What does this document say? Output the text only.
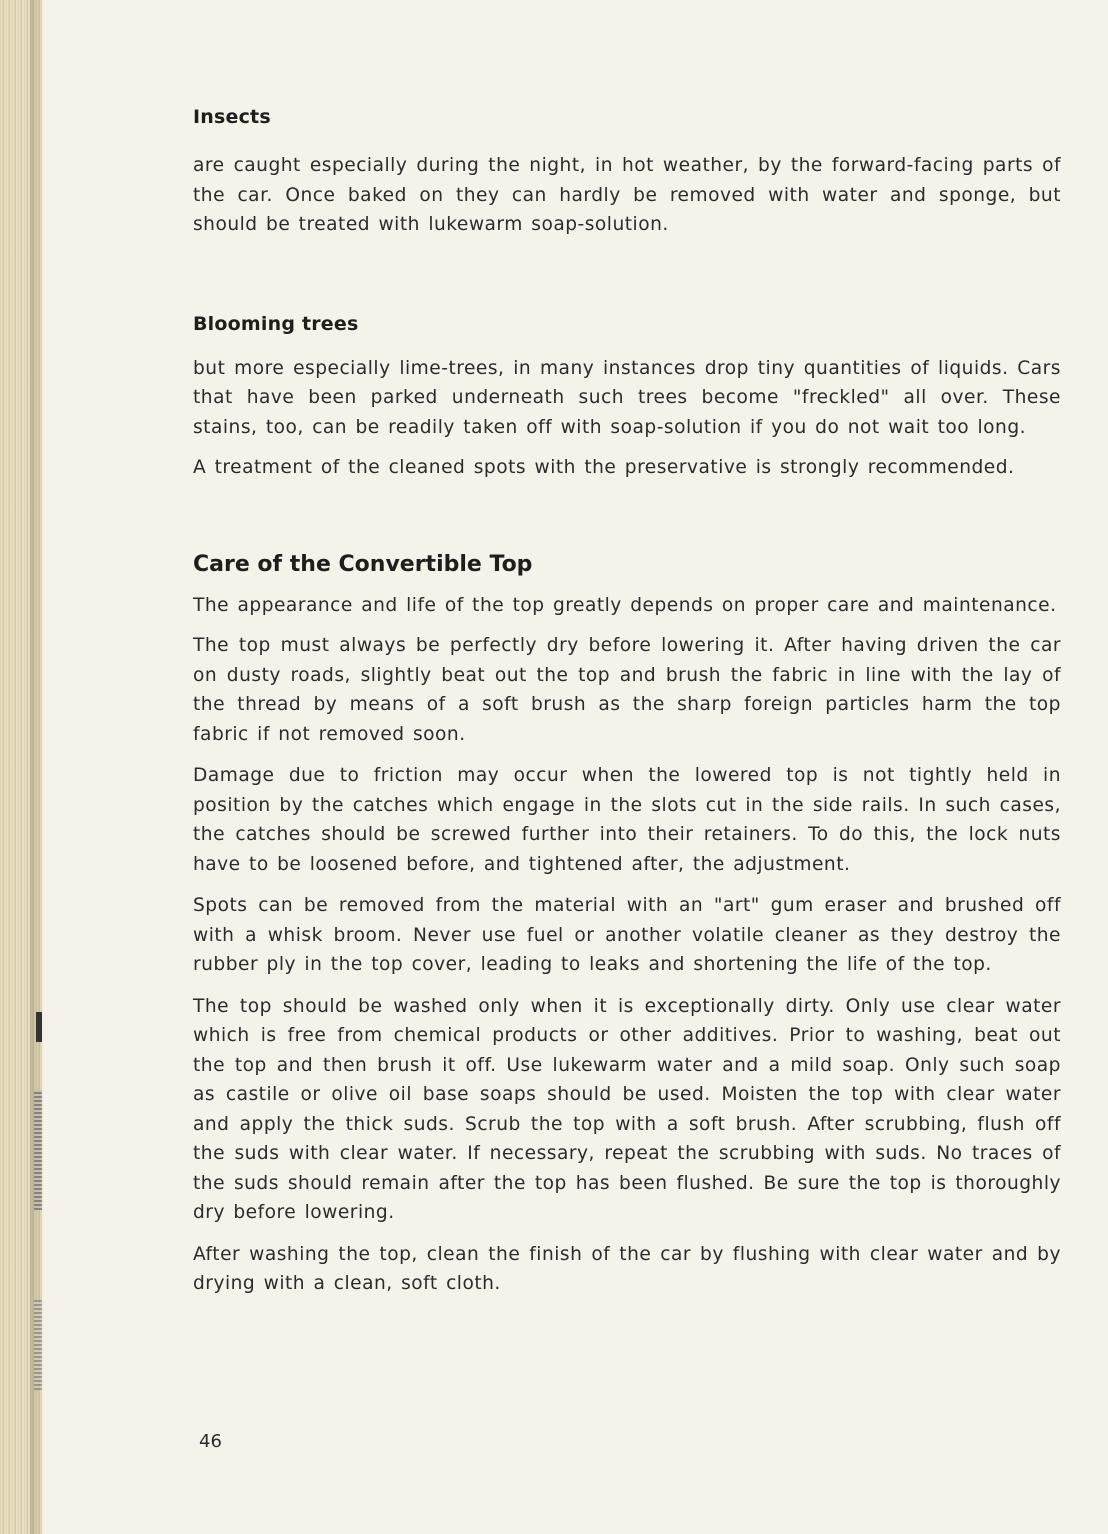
Insects

are caught especially during the night, in hot weather, by the forward-facing parts of the car. Once baked on they can hardly be removed with water and sponge, but should be treated with lukewarm soap-solution.

Blooming trees

but more especially lime-trees, in many instances drop tiny quantities of liquids. Cars that have been parked underneath such trees become "freckled" all over. These stains, too, can be readily taken off with soap-solution if you do not wait too long.

A treatment of the cleaned spots with the preservative is strongly recommended.

Care of the Convertible Top

The appearance and life of the top greatly depends on proper care and maintenance.

The top must always be perfectly dry before lowering it. After having driven the car on dusty roads, slightly beat out the top and brush the fabric in line with the lay of the thread by means of a soft brush as the sharp foreign particles harm the top fabric if not removed soon.

Damage due to friction may occur when the lowered top is not tightly held in position by the catches which engage in the slots cut in the side rails. In such cases, the catches should be screwed further into their retainers. To do this, the lock nuts have to be loosened before, and tightened after, the adjustment.

Spots can be removed from the material with an "art" gum eraser and brushed off with a whisk broom. Never use fuel or another volatile cleaner as they destroy the rubber ply in the top cover, leading to leaks and shortening the life of the top.

The top should be washed only when it is exceptionally dirty. Only use clear water which is free from chemical products or other additives. Prior to washing, beat out the top and then brush it off. Use lukewarm water and a mild soap. Only such soap as castile or olive oil base soaps should be used. Moisten the top with clear water and apply the thick suds. Scrub the top with a soft brush. After scrubbing, flush off the suds with clear water. If necessary, repeat the scrubbing with suds. No traces of the suds should remain after the top has been flushed. Be sure the top is thoroughly dry before lowering.

After washing the top, clean the finish of the car by flushing with clear water and by drying with a clean, soft cloth.

46
